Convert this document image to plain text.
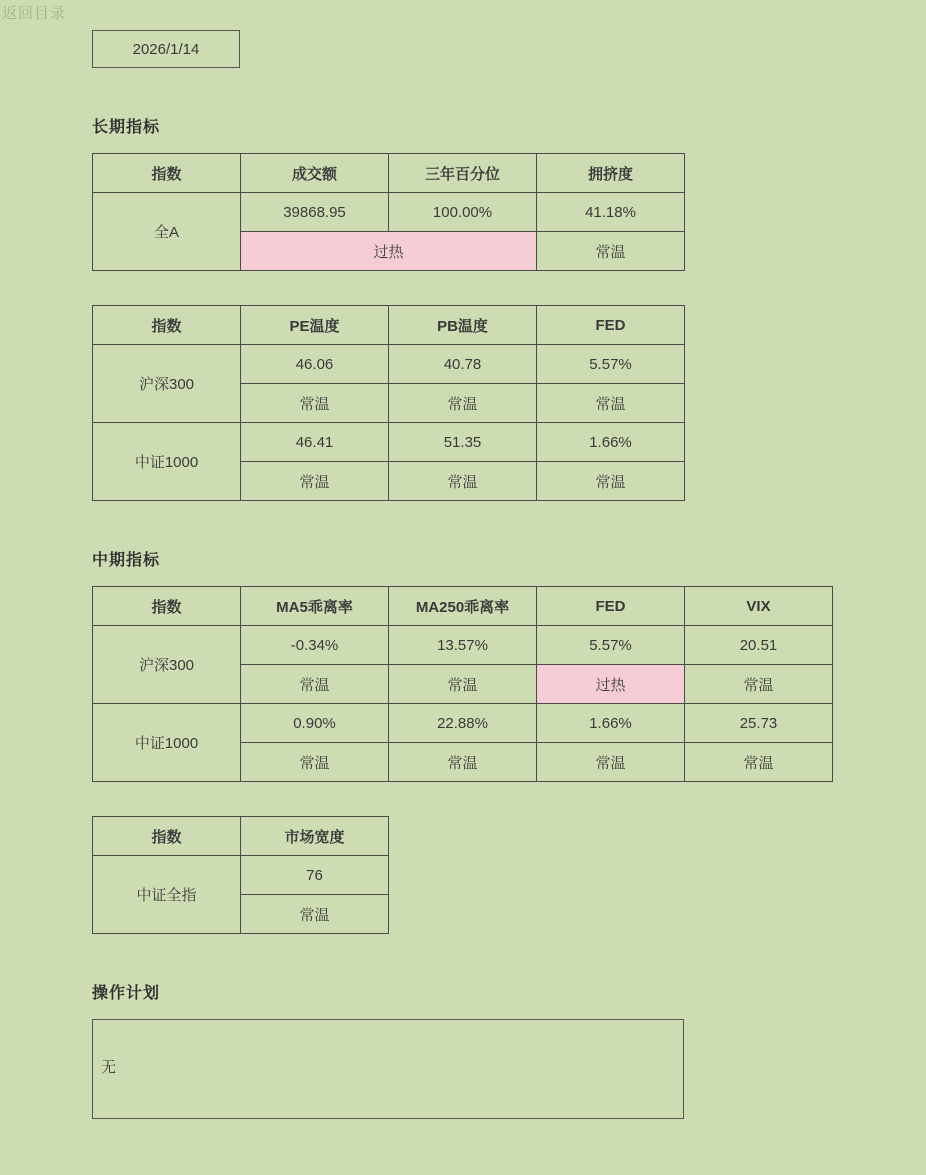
返回目录
2026/1/14
长期指标
指数	成交额	三年百分位	拥挤度
全A	39868.95	100.00%	41.18%
	过热		常温
指数	PE温度	PB温度	FED
沪深300	46.06	40.78	5.57%
	常温	常温	常温
中证1000	46.41	51.35	1.66%
	常温	常温	常温
中期指标
指数	MA5乖离率	MA250乖离率	FED	VIX
沪深300	-0.34%	13.57%	5.57%	20.51
	常温	常温	过热	常温
中证1000	0.90%	22.88%	1.66%	25.73
	常温	常温	常温	常温
指数	市场宽度
中证全指	76
	常温
操作计划
无
